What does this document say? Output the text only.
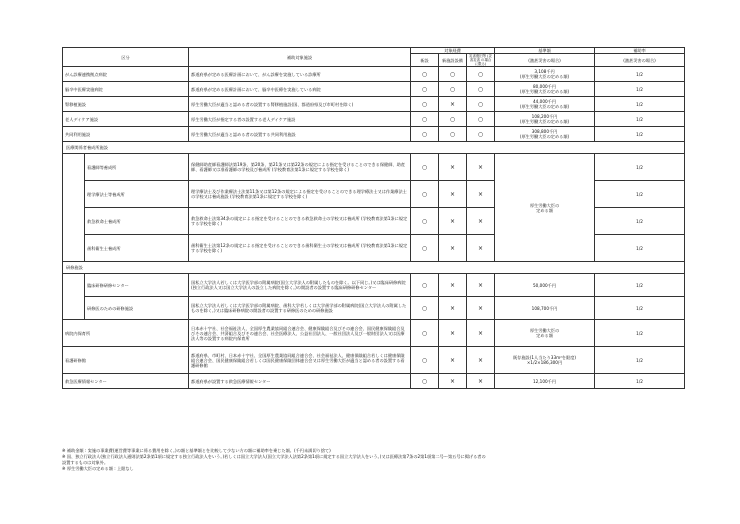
区分		補助対象施設	対象経費			基準額	補助率
			新設	新施設設備	災害復旧等 (災害災害 の場合に限る)	(激甚災害の場合)	(激甚災害の場合)
がん診療連携拠点病院		都道府県が定める医療計画において、がん診療を実施している診療所	○	○	○	3,108千円
(厚生労働大臣の定める額)	1/2
脳卒中医療実施病院		都道府県が定める医療計画において、脳卒中医療を実施している病院	○	○	○	80,000千円
(厚生労働大臣の定める額)	1/2
腎移植施設		厚生労働大臣が適当と認める者の設置する腎移植施設(国、都道府県及び市町村を除く)	○	×	○	44,000千円
(厚生労働大臣の定める額)	1/2
老人デイケア施設		厚生労働大臣が指定する者の設置する老人デイケア施設	○	○	○	108,200千円
(厚生労働大臣の定める額)	1/2
共同利用施設		厚生労働大臣が適当と認める者の設置する共同利用施設	○	○	○	308,800千円
(厚生労働大臣の定める額)	1/2
医療関係者養成所施設							
	看護師等養成所	保健師助産師看護師法第19条、第20条、第21条又は第22条の規定による指定を受けることのできる保健師、助産師、看護師又は准看護師の学校及び養成所 (学校教育法第1条に規定する学校を除く)	○	×	×	厚生労働大臣の
定める額	1/2
	理学療法士等養成所	理学療法士及び作業療法士法第11条又は第12条の規定による指定を受けることのできる理学療法士又は作業療法士の学校又は養成施設 (学校教育法第1条に規定する学校を除く)	○	×	×		1/2
	救急救命士養成所	救急救命士法第34条の規定による指定を受けることのできる救急救命士の学校又は養成所 (学校教育法第1条に規定する学校を除く)	○	×	×		1/2
	歯科衛生士養成所	歯科衛生士法第12条の規定による指定を受けることのできる歯科衛生士の学校又は養成所 (学校教育法第1条に規定する学校を除く)	○	×	×		1/2
研修施設							
	臨床研修研修センター	国私立大学法人若しくは大学医学部の附属病院(国立大学法人の附属したものを除く。以下同じ。)又は臨床研修病院(独立行政法人又は国立大学法人の設立した病院を除く。)の開設者の設置する臨床研修研修センター	○	×	×	50,000千円	1/2
	研修医のための研修施設	国私立大学法人若しくは大学医学部の附属病院、歯科大学若しくは大学歯学部の附属病院(国立大学法人の附属したものを除く。)又は臨床研修病院の開設者の設置する研修医のための研修施設	○	×	×	108,700千円	1/2
病院内保育所		日本赤十字社、社会福祉法人、全国厚生農業協同組合連合会、健康保険組合及びその連合会、国民健康保険組合及びその連合会、共済組合及びその連合会、社会医療法人、公益社団法人、一般社団法人及び一般財団法人又は医療法人等の設置する病院内保育所	○	×	×	厚生労働大臣の
定める額	1/2
看護研修館		都道府県、市町村、日本赤十字社、全国厚生農業協同組合連合会、社会福祉法人、健康保険組合若しくは健康保険組合連合会、国民健康保険組合若しくは国民健康保険団体連合会又は厚生労働大臣が適当と認める者の設置する看護研修館	○	×	×	既存施設(1人当たり33m²を限度)
×1/2×186,300円	1/2
救急医療情報センター		都道府県が設置する救急医療情報センター	○	×	×	12,100千円	1/2
※ 補助金額 : 実施の事業費(運営費等事業に係る費用を除く。)の額と基準額とを比較して少ない方の額に補助率を乗じた額。(千円未満切り捨て)
※ 国、独立行政法人(独立行政法人通則法第2条第1項に規定する独立行政法人をいう。)若しくは国立大学法人(国立大学法人法第2条第1項に規定する国立大学法人をいう。)又は医療法第7条の2第1項第二号〜第五号に掲げる者の
設置するものは対象外。
※ 厚生労働大臣の定める額 : 上限なし
